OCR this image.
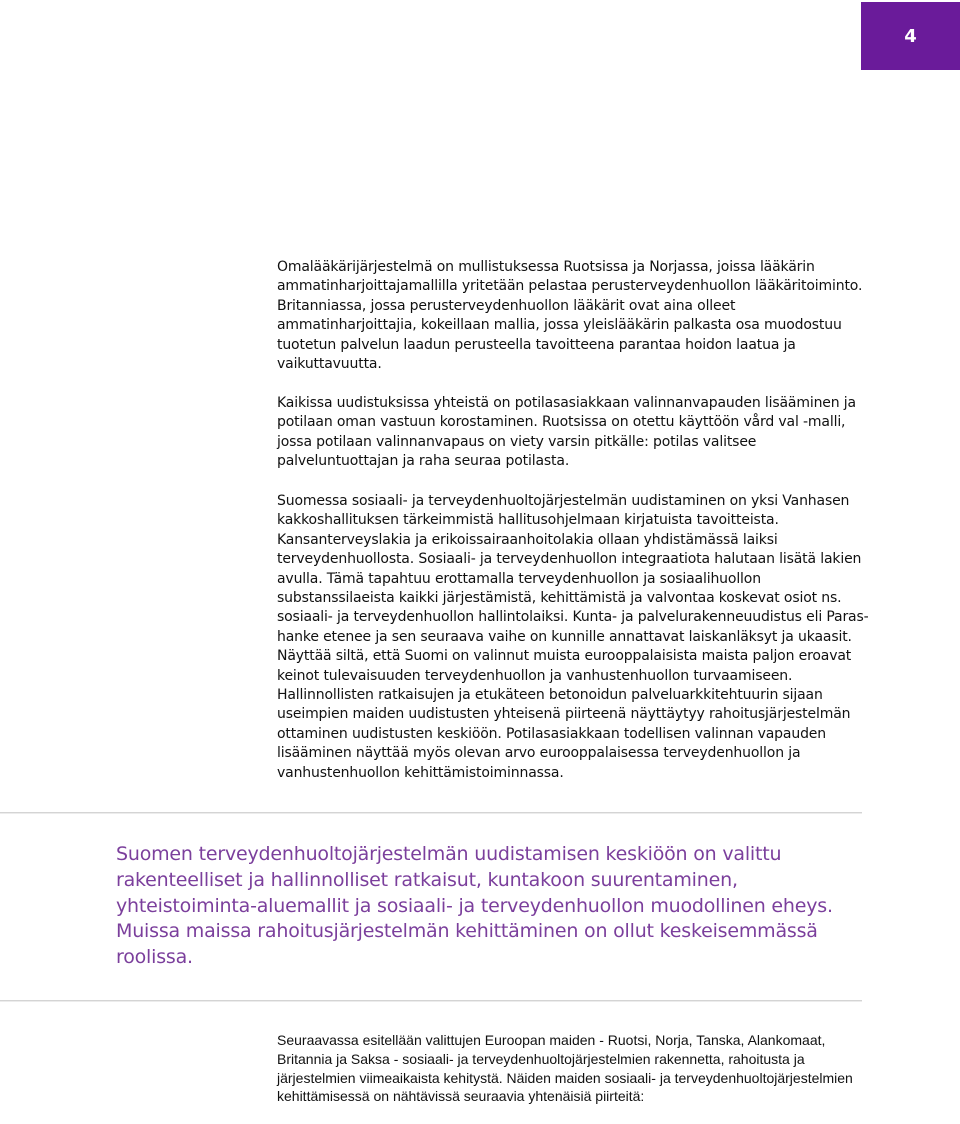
4

Omalääkärijärjestelmä on mullistuksessa Ruotsissa ja Norjassa, joissa lääkärin ammatinharjoittajamallilla yritetään pelastaa perusterveydenhuollon lääkäritoiminto. Britanniassa, jossa perusterveydenhuollon lääkärit ovat aina olleet ammatinharjoittajia, kokeillaan mallia, jossa yleislääkärin palkasta osa muodostuu tuotetun palvelun laadun perusteella tavoitteena parantaa hoidon laatua ja vaikuttavuutta.

Kaikissa uudistuksissa yhteistä on potilasasiakkaan valinnanvapauden lisääminen ja potilaan oman vastuun korostaminen. Ruotsissa on otettu käyttöön vård val -malli, jossa potilaan valinnanvapaus on viety varsin pitkälle: potilas valitsee palveluntuottajan ja raha seuraa potilasta.

Suomessa sosiaali- ja terveydenhuoltojärjestelmän uudistaminen on yksi Vanhasen kakkoshallituksen tärkeimmistä hallitusohjelmaan kirjatuista tavoitteista. Kansanterveyslakia ja erikoissairaanhoitolakia ollaan yhdistämässä laiksi terveydenhuollosta. Sosiaali- ja terveydenhuollon integraatiota halutaan lisätä lakien avulla. Tämä tapahtuu erottamalla terveydenhuollon ja sosiaalihuollon substanssilaeista kaikki järjestämistä, kehittämistä ja valvontaa koskevat osiot ns. sosiaali- ja terveydenhuollon hallintolaiksi. Kunta- ja palvelurakenneuudistus eli Paras-hanke etenee ja sen seuraava vaihe on kunnille annattavat laiskanläksyt ja ukaasit. Näyttää siltä, että Suomi on valinnut muista eurooppalaisista maista paljon eroavat keinot tulevaisuuden terveydenhuollon ja vanhustenhuollon turvaamiseen. Hallinnollisten ratkaisujen ja etukäteen betonoidun palveluarkkitehtuurin sijaan useimpien maiden uudistusten yhteisenä piirteenä näyttäytyy rahoitusjärjestelmän ottaminen uudistusten keskiöön. Potilasasiakkaan todellisen valinnan vapauden lisääminen näyttää myös olevan arvo eurooppalaisessa terveydenhuollon ja vanhustenhuollon kehittämistoiminnassa.

Suomen terveydenhuoltojärjestelmän uudistamisen keskiöön on valittu rakenteelliset ja hallinnolliset ratkaisut, kuntakoon suurentaminen, yhteistoiminta-aluemallit ja sosiaali- ja terveydenhuollon muodollinen eheys. Muissa maissa rahoitusjärjestelmän kehittäminen on ollut keskeisemmässä roolissa.

Seuraavassa esitellään valittujen Euroopan maiden - Ruotsi, Norja, Tanska, Alankomaat, Britannia ja Saksa - sosiaali- ja terveydenhuoltojärjestelmien rakennetta, rahoitusta ja järjestelmien viimeaikaista kehitystä. Näiden maiden sosiaali- ja terveydenhuoltojärjestelmien kehittämisessä on nähtävissä seuraavia yhtenäisiä piirteitä:
